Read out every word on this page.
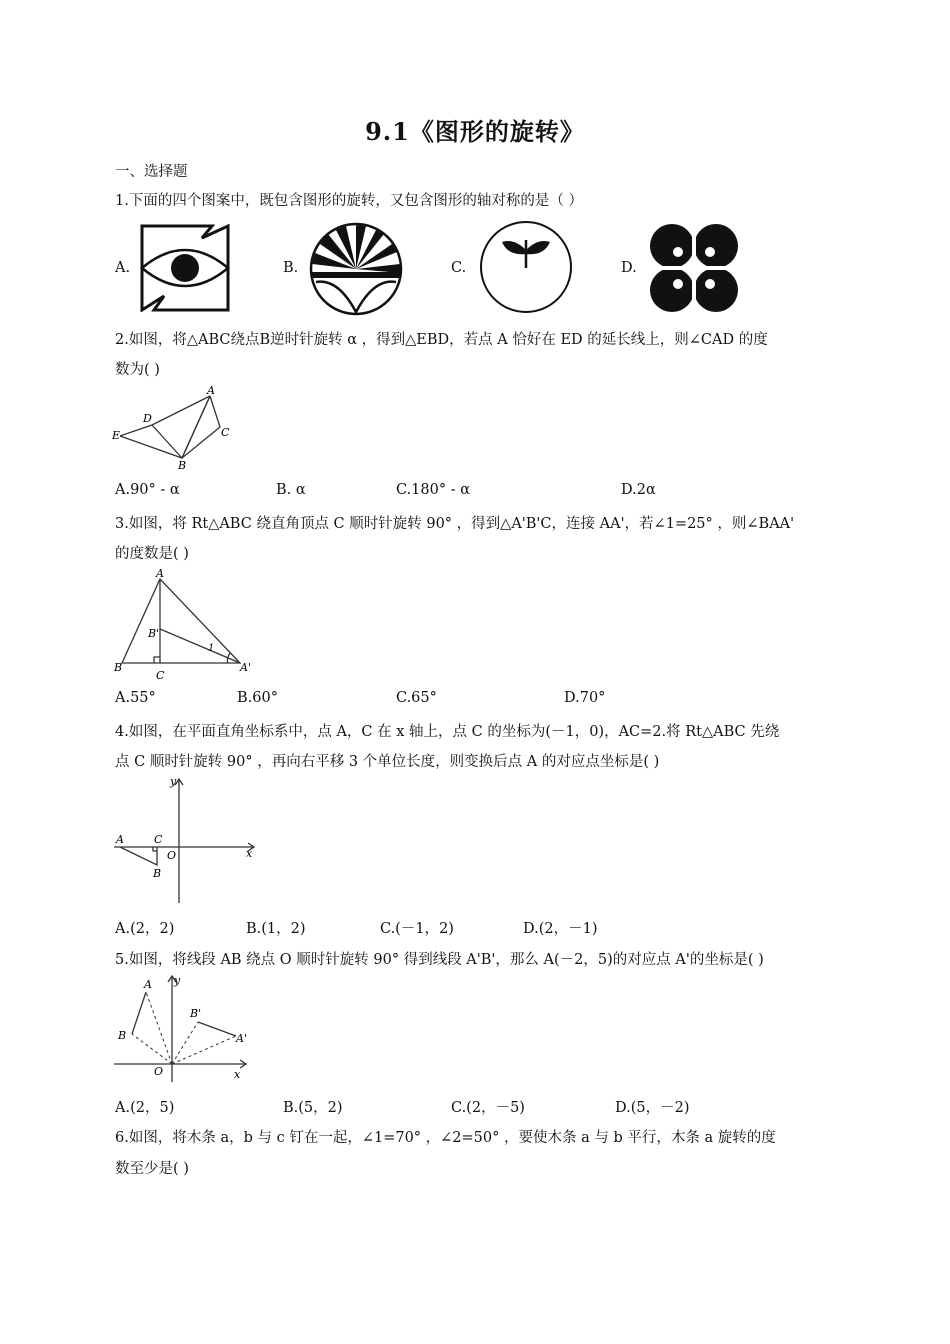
9.1《图形的旋转》
一、选择题
1.下面的四个图案中，既包含图形的旋转，又包含图形的轴对称的是（ ）
A.	B.	C.	D.
2.如图，将△ABC绕点B逆时针旋转 α ，得到△EBD，若点 A 恰好在 ED 的延长线上，则∠CAD 的度
数为( )
A
D
C
E
B
A.90° - α	B. α	C.180° - α	D.2α
3.如图，将 Rt△ABC 绕直角顶点 C 顺时针旋转 90° ，得到△A'B'C，连接 AA'，若∠1=25° ，则∠BAA'
的度数是( )
A
B'
1
B
C
A'
A.55°	B.60°	C.65°	D.70°
4.如图，在平面直角坐标系中，点 A，C 在 x 轴上，点 C 的坐标为(－1，0)，AC=2.将 Rt△ABC 先绕
点 C 顺时针旋转 90° ，再向右平移 3 个单位长度，则变换后点 A 的对应点坐标是( )
y
A	C
O	x
B
A.(2，2)	B.(1，2)	C.(－1，2)	D.(2，－1)
5.如图，将线段 AB 绕点 O 顺时针旋转 90° 得到线段 A'B'，那么 A(－2，5)的对应点 A'的坐标是( )
y
A
B'
B	A'
O	x
A.(2，5)	B.(5，2)	C.(2，－5)	D.(5，－2)
6.如图，将木条 a，b 与 c 钉在一起，∠1=70° ，∠2=50° ，要使木条 a 与 b 平行，木条 a 旋转的度
数至少是( )
